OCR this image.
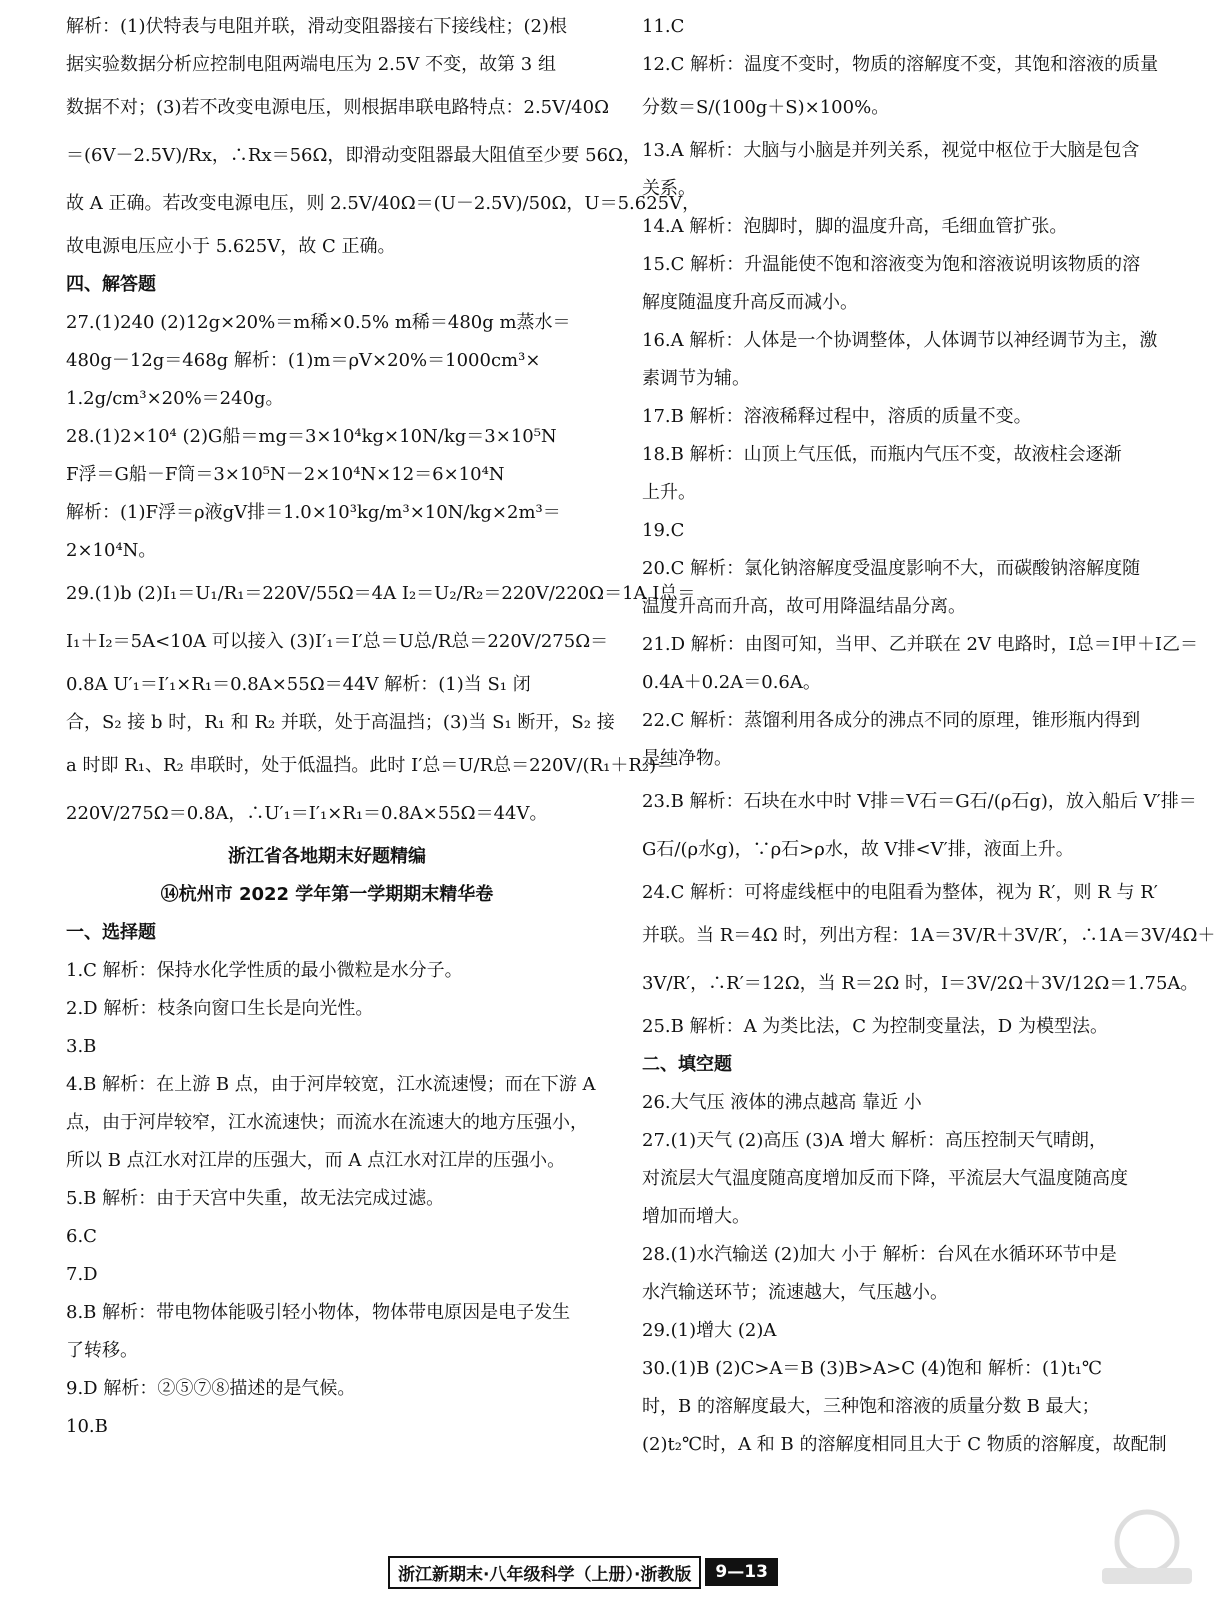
解析：(1)伏特表与电阻并联，滑动变阻器接右下接线柱；(2)根
据实验数据分析应控制电阻两端电压为 2.5V 不变，故第 3 组
数据不对；(3)若不改变电源电压，则根据串联电路特点：2.5V/40Ω
＝(6V－2.5V)/Rx，∴Rx＝56Ω，即滑动变阻器最大阻值至少要 56Ω，
故 A 正确。若改变电源电压，则 2.5V/40Ω＝(U－2.5V)/50Ω，U＝5.625V，
故电源电压应小于 5.625V，故 C 正确。
四、解答题
27.(1)240 (2)12g×20%＝m稀×0.5% m稀＝480g m蒸水＝
480g－12g＝468g 解析：(1)m＝ρV×20%＝1000cm³×
1.2g/cm³×20%＝240g。
28.(1)2×10⁴ (2)G船＝mg＝3×10⁴kg×10N/kg＝3×10⁵N
F浮＝G船－F筒＝3×10⁵N－2×10⁴N×12＝6×10⁴N
解析：(1)F浮＝ρ液gV排＝1.0×10³kg/m³×10N/kg×2m³＝
2×10⁴N。
29.(1)b (2)I₁＝U₁/R₁＝220V/55Ω＝4A I₂＝U₂/R₂＝220V/220Ω＝1A I总＝
I₁＋I₂＝5A<10A 可以接入 (3)I′₁＝I′总＝U总/R总＝220V/275Ω＝
0.8A U′₁＝I′₁×R₁＝0.8A×55Ω＝44V 解析：(1)当 S₁ 闭
合，S₂ 接 b 时，R₁ 和 R₂ 并联，处于高温挡；(3)当 S₁ 断开，S₂ 接
a 时即 R₁、R₂ 串联时，处于低温挡。此时 I′总＝U/R总＝220V/(R₁＋R₂)＝
220V/275Ω＝0.8A，∴U′₁＝I′₁×R₁＝0.8A×55Ω＝44V。
浙江省各地期末好题精编
⑭杭州市 2022 学年第一学期期末精华卷
一、选择题
1.C 解析：保持水化学性质的最小微粒是水分子。
2.D 解析：枝条向窗口生长是向光性。
3.B
4.B 解析：在上游 B 点，由于河岸较宽，江水流速慢；而在下游 A
点，由于河岸较窄，江水流速快；而流水在流速大的地方压强小，
所以 B 点江水对江岸的压强大，而 A 点江水对江岸的压强小。
5.B 解析：由于天宫中失重，故无法完成过滤。
6.C
7.D
8.B 解析：带电物体能吸引轻小物体，物体带电原因是电子发生
了转移。
9.D 解析：②⑤⑦⑧描述的是气候。
10.B
11.C
12.C 解析：温度不变时，物质的溶解度不变，其饱和溶液的质量
分数＝S/(100g＋S)×100%。
13.A 解析：大脑与小脑是并列关系，视觉中枢位于大脑是包含
关系。
14.A 解析：泡脚时，脚的温度升高，毛细血管扩张。
15.C 解析：升温能使不饱和溶液变为饱和溶液说明该物质的溶
解度随温度升高反而减小。
16.A 解析：人体是一个协调整体，人体调节以神经调节为主，激
素调节为辅。
17.B 解析：溶液稀释过程中，溶质的质量不变。
18.B 解析：山顶上气压低，而瓶内气压不变，故液柱会逐渐
上升。
19.C
20.C 解析：氯化钠溶解度受温度影响不大，而碳酸钠溶解度随
温度升高而升高，故可用降温结晶分离。
21.D 解析：由图可知，当甲、乙并联在 2V 电路时，I总＝I甲＋I乙＝
0.4A＋0.2A＝0.6A。
22.C 解析：蒸馏利用各成分的沸点不同的原理，锥形瓶内得到
是纯净物。
23.B 解析：石块在水中时 V排＝V石＝G石/(ρ石g)，放入船后 V′排＝
G石/(ρ水g)，∵ρ石>ρ水，故 V排<V′排，液面上升。
24.C 解析：可将虚线框中的电阻看为整体，视为 R′，则 R 与 R′
并联。当 R＝4Ω 时，列出方程：1A＝3V/R＋3V/R′，∴1A＝3V/4Ω＋
3V/R′，∴R′＝12Ω，当 R＝2Ω 时，I＝3V/2Ω＋3V/12Ω＝1.75A。
25.B 解析：A 为类比法，C 为控制变量法，D 为模型法。
二、填空题
26.大气压 液体的沸点越高 靠近 小
27.(1)天气 (2)高压 (3)A 增大 解析：高压控制天气晴朗，
对流层大气温度随高度增加反而下降，平流层大气温度随高度
增加而增大。
28.(1)水汽输送 (2)加大 小于 解析：台风在水循环环节中是
水汽输送环节；流速越大，气压越小。
29.(1)增大 (2)A
30.(1)B (2)C>A＝B (3)B>A>C (4)饱和 解析：(1)t₁℃
时，B 的溶解度最大，三种饱和溶液的质量分数 B 最大；
(2)t₂℃时，A 和 B 的溶解度相同且大于 C 物质的溶解度，故配制
浙江新期末·八年级科学（上册）·浙教版	9—13
